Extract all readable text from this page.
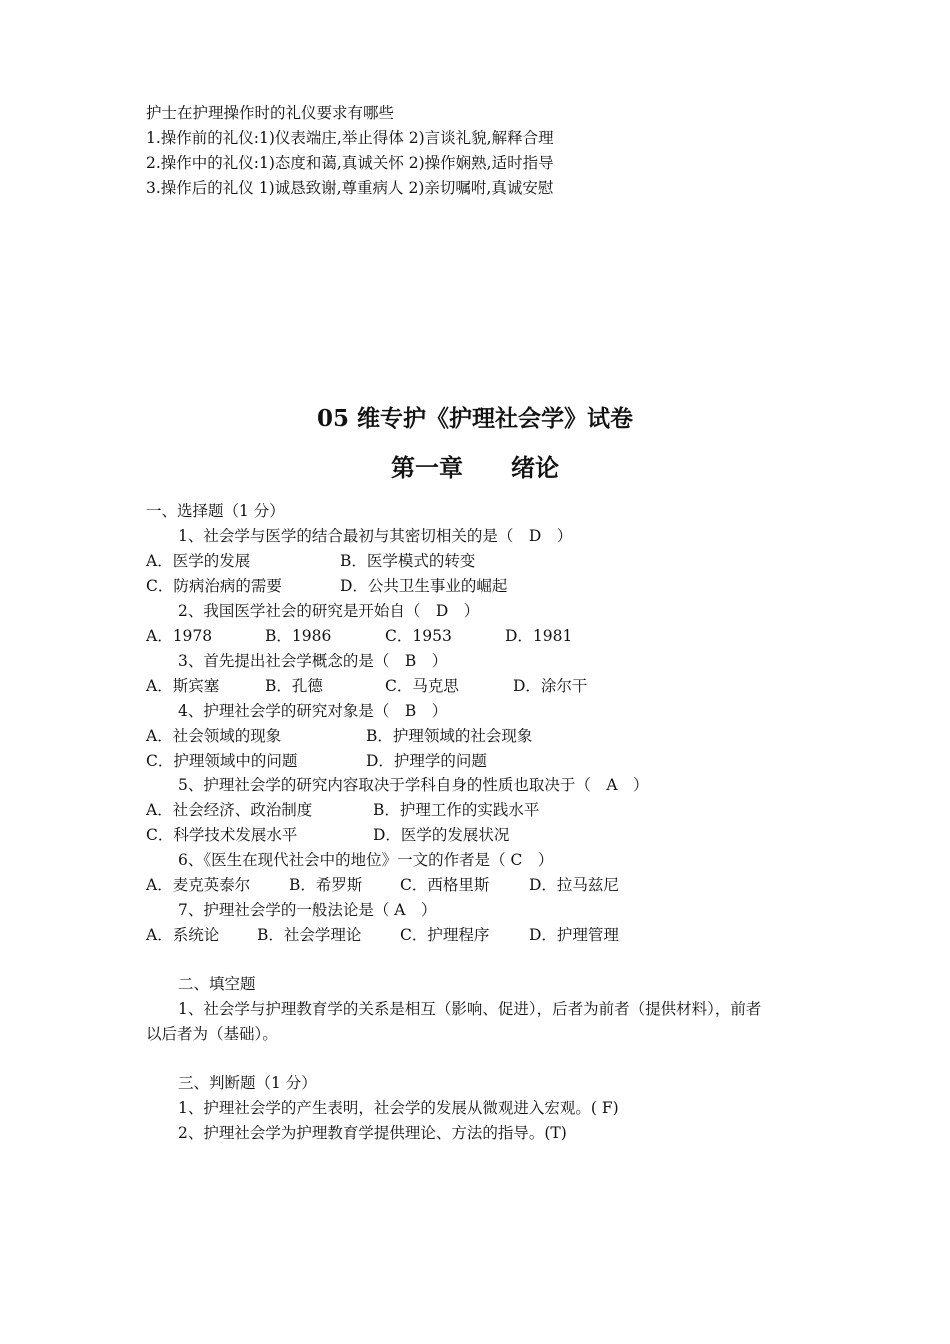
护士在护理操作时的礼仪要求有哪些
1.操作前的礼仪:1)仪表端庄,举止得体 2)言谈礼貌,解释合理
2.操作中的礼仪:1)态度和蔼,真诚关怀 2)操作娴熟,适时指导
3.操作后的礼仪 1)诚恳致谢,尊重病人 2)亲切嘱咐,真诚安慰
05 维专护《护理社会学》试卷
第一章　　绪论
一、选择题（1 分）
1、社会学与医学的结合最初与其密切相关的是（　D　）
A．医学的发展	B．医学模式的转变
C．防病治病的需要	D．公共卫生事业的崛起
2、我国医学社会的研究是开始自（　D　）
A．1978	B．1986	C．1953	D．1981
3、首先提出社会学概念的是（　B　）
A．斯宾塞	B．孔德	C．马克思	D．涂尔干
4、护理社会学的研究对象是（　B　）
A．社会领域的现象	B．护理领域的社会现象
C．护理领域中的问题	D．护理学的问题
5、护理社会学的研究内容取决于学科自身的性质也取决于（　A　）
A．社会经济、政治制度	B．护理工作的实践水平
C．科学技术发展水平	D．医学的发展状况
6、《医生在现代社会中的地位》一文的作者是（ C　）
A．麦克英泰尔	B．希罗斯 C．西格里斯	D．拉马兹尼
7、护理社会学的一般法论是（ A　）
A．系统论 B．社会学理论 C．护理程序	D．护理管理
二、填空题
1、社会学与护理教育学的关系是相互（影响、促进），后者为前者（提供材料），前者
以后者为（基础）。
三、判断题（1 分）
1、护理社会学的产生表明，社会学的发展从微观进入宏观。( F)
2、护理社会学为护理教育学提供理论、方法的指导。(T)
